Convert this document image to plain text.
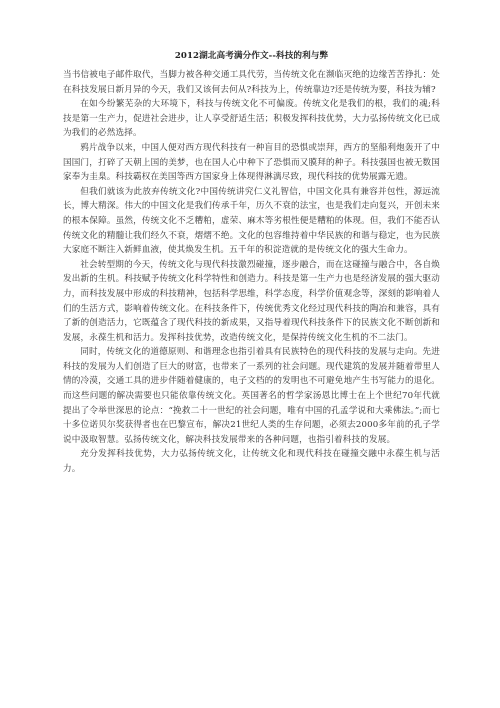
2012湖北高考满分作文--科技的利与弊

当书信被电子邮件取代，当脚力被各种交通工具代劳，当传统文化在濒临灭绝的边缘苦苦挣扎：处在科技发展日新月异的今天，我们又该何去何从?科技为上，传统靠边?还是传统为要，科技为辅?

在如今纷繁芜杂的大环境下，科技与传统文化不可偏废。传统文化是我们的根，我们的魂;科技是第一生产力，促进社会进步，让人享受舒适生活；积极发挥科技优势，大力弘扬传统文化已成为我们的必然选择。

鸦片战争以来，中国人便对西方现代科技有一种盲目的恐惧或崇拜，西方的坚船利炮轰开了中国国门，打碎了天朝上国的美梦，也在国人心中种下了恐惧而又膜拜的种子。科技强国也被无数国家奉为圭臬。科技霸权在美国等西方国家身上体现得淋漓尽致，现代科技的优势展露无遗。

但我们就该为此放弃传统文化?中国传统讲究仁义礼智信，中国文化具有兼容并包性，源远流长，博大精深。伟大的中国文化是我们传承千年，历久不衰的法宝，也是我们走向复兴，开创未来的根本保障。虽然，传统文化不乏糟粕，虚荣、麻木等劣根性便是糟粕的体现。但，我们不能否认传统文化的精髓让我们经久不衰，熠熠不绝。文化的包容维持着中华民族的和谐与稳定，也为民族大家庭不断注入新鲜血液，使其焕发生机。五千年的积淀造就的是传统文化的强大生命力。

社会转型期的今天，传统文化与现代科技激烈碰撞，逐步融合，而在这碰撞与融合中，各自焕发出新的生机。科技赋予传统文化科学特性和创造力。科技是第一生产力也是经济发展的强大驱动力，而科技发展中形成的科技精神，包括科学思维，科学态度，科学价值观念等，深刻的影响着人们的生活方式，影响着传统文化。在科技条件下，传统优秀文化经过现代科技的陶冶和兼容，具有了新的创造活力，它既蕴含了现代科技的新成果，又指导着现代科技条件下的民族文化不断创新和发展，永葆生机和活力。发挥科技优势，改造传统文化，是保持传统文化生机的不二法门。

同时，传统文化的道德原则、和谐理念也指引着具有民族特色的现代科技的发展与走向。先进科技的发展为人们创造了巨大的财富，也带来了一系列的社会问题。现代建筑的发展并随着带里人情的冷漠，交通工具的进步伴随着健康的，电子文档的的发明也不可避免地产生书写能力的退化。而这些问题的解决需要也只能依靠传统文化。英国著名的哲学家汤恩比博士在上个世纪70年代就提出了令举世深思的论点：“挽救二十一世纪的社会问题，唯有中国的孔孟学说和大乘佛法。”;而七十多位诺贝尔奖获得者也在巴黎宣布，解决21世纪人类的生存问题，必须去2000多年前的孔子学说中汲取智慧。弘扬传统文化，解决科技发展带来的各种问题，也指引着科技的发展。

充分发挥科技优势，大力弘扬传统文化，让传统文化和现代科技在碰撞交融中永葆生机与活力。
